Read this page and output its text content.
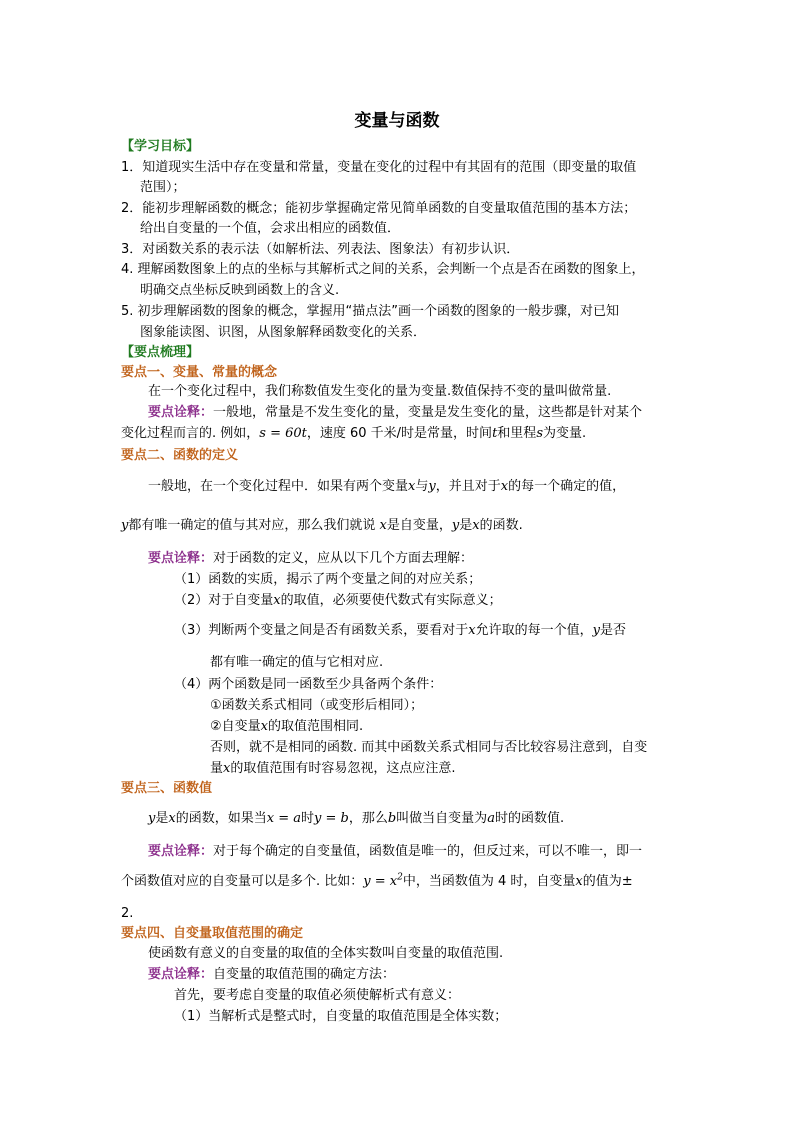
变量与函数
【学习目标】
1．知道现实生活中存在变量和常量，变量在变化的过程中有其固有的范围（即变量的取值
范围）；
2．能初步理解函数的概念；能初步掌握确定常见简单函数的自变量取值范围的基本方法；
给出自变量的一个值，会求出相应的函数值．
3．对函数关系的表示法（如解析法、列表法、图象法）有初步认识．
4. 理解函数图象上的点的坐标与其解析式之间的关系，会判断一个点是否在函数的图象上，
明确交点坐标反映到函数上的含义.
5. 初步理解函数的图象的概念，掌握用“描点法”画一个函数的图象的一般步骤，对已知
图象能读图、识图，从图象解释函数变化的关系．
【要点梳理】
要点一、变量、常量的概念
在一个变化过程中，我们称数值发生变化的量为变量.数值保持不变的量叫做常量.
要点诠释：一般地，常量是不发生变化的量，变量是发生变化的量，这些都是针对某个
变化过程而言的. 例如，s = 60t，速度 60 千米/时是常量，时间t和里程s为变量.
要点二、函数的定义
一般地，在一个变化过程中．如果有两个变量x与y，并且对于x的每一个确定的值，
y都有唯一确定的值与其对应，那么我们就说 x是自变量，y是x的函数.
要点诠释：对于函数的定义，应从以下几个方面去理解：
（1）函数的实质，揭示了两个变量之间的对应关系；
（2）对于自变量x的取值，必须要使代数式有实际意义；
（3）判断两个变量之间是否有函数关系，要看对于x允许取的每一个值，y是否
都有唯一确定的值与它相对应.
（4）两个函数是同一函数至少具备两个条件：
①函数关系式相同（或变形后相同）；
②自变量x的取值范围相同.
否则，就不是相同的函数. 而其中函数关系式相同与否比较容易注意到，自变
量x的取值范围有时容易忽视，这点应注意.
要点三、函数值
y是x的函数，如果当x = a时y = b，那么b叫做当自变量为a时的函数值.
要点诠释：对于每个确定的自变量值，函数值是唯一的，但反过来，可以不唯一，即一
个函数值对应的自变量可以是多个. 比如：$y = x^2$中，当函数值为 4 时，自变量x的值为±
2.
要点四、自变量取值范围的确定
使函数有意义的自变量的取值的全体实数叫自变量的取值范围.
要点诠释：自变量的取值范围的确定方法：
首先，要考虑自变量的取值必须使解析式有意义：
（1）当解析式是整式时，自变量的取值范围是全体实数；
